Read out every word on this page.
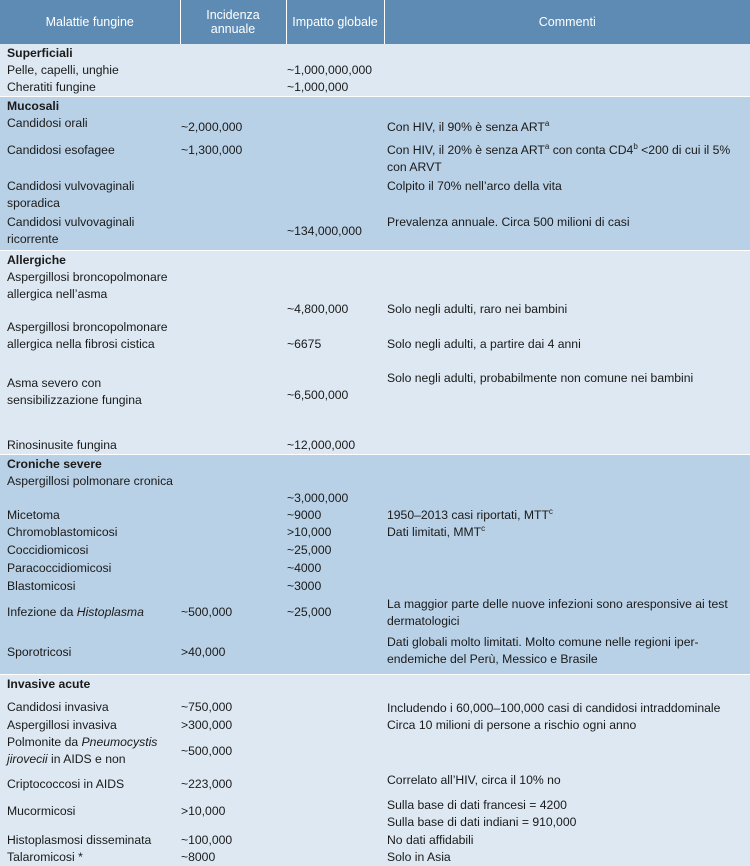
Malattie fungine	Incidenza annuale	Impatto globale	Commenti
Superficiali			
Pelle, capelli, unghie		~1,000,000,000	
Cheratiti fungine		~1,000,000	
Mucosali			
Candidosi orali	~2,000,000		Con HIV, il 90% è senza ART$^a$
Candidosi esofagee	~1,300,000		Con HIV, il 20% è senza ART$^a$ con conta $CD4^b <200$ di cui il 5% con ARVT
Candidosi vulvovaginali sporadica			Colpito il 70% nell’arco della vita
Candidosi vulvovaginali ricorrente		~134,000,000	Prevalenza annuale. Circa 500 milioni di casi
Allergiche			
Aspergillosi broncopolmonare allergica nell’asma		~4,800,000	Solo negli adulti, raro nei bambini
Aspergillosi broncopolmonare allergica nella fibrosi cistica		~6675	Solo negli adulti, a partire dai 4 anni
Asma severo con sensibilizzazione fungina		~6,500,000	Solo negli adulti, probabilmente non comune nei bambini
Rinosinusite fungina		~12,000,000	
Croniche severe			
Aspergillosi polmonare cronica		~3,000,000	
Micetoma		~9000	1950–2013 casi riportati, MTT$^c$
Chromoblastomicosi		>10,000	Dati limitati, MMT$^c$
Coccidiomicosi		~25,000	
Paracoccidiomicosi		~4000	
Blastomicosi		~3000	
Infezione da Histoplasma	~500,000	~25,000	La maggior parte delle nuove infezioni sono aresponsive ai test dermatologici
Sporotricosi	>40,000		Dati globali molto limitati. Molto comune nelle regioni iper-endemiche del Perù, Messico e Brasile
Invasive acute			
Candidosi invasiva	~750,000		Includendo i 60,000–100,000 casi di candidosi intraddominale
Aspergillosi invasiva	>300,000		Circa 10 milioni di persone a rischio ogni anno
Polmonite da Pneumocystis jirovecii in AIDS e non	~500,000		
Criptococcosi in AIDS	~223,000		Correlato all’HIV, circa il 10% no
Mucormicosi	>10,000		Sulla base di dati francesi = 4200
Sulla base di dati indiani = 910,000
Histoplasmosi disseminata	~100,000		No dati affidabili
Talaromicosi *	~8000		Solo in Asia
